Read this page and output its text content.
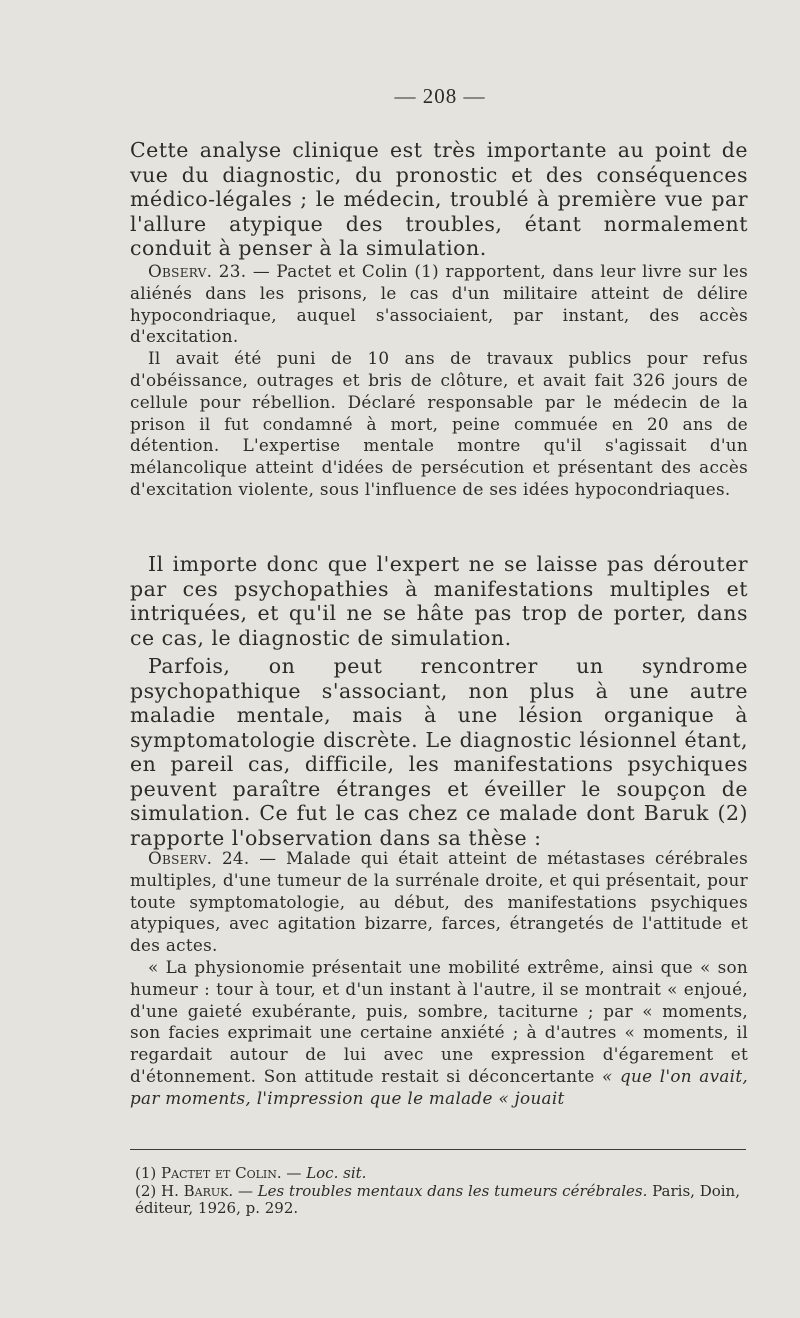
— 208 —

Cette analyse clinique est très importante au point de vue du diagnostic, du pronostic et des conséquences médico-légales ; le médecin, troublé à première vue par l'allure atypique des troubles, étant normalement conduit à penser à la simulation.

Observ. 23. — Pactet et Colin (1) rapportent, dans leur livre sur les aliénés dans les prisons, le cas d'un militaire atteint de délire hypocondriaque, auquel s'associaient, par instant, des accès d'excitation.

Il avait été puni de 10 ans de travaux publics pour refus d'obéissance, outrages et bris de clôture, et avait fait 326 jours de cellule pour rébellion. Déclaré responsable par le médecin de la prison il fut condamné à mort, peine commuée en 20 ans de détention. L'expertise mentale montre qu'il s'agissait d'un mélancolique atteint d'idées de persécution et présentant des accès d'excitation violente, sous l'influence de ses idées hypocondriaques.

Il importe donc que l'expert ne se laisse pas dérouter par ces psychopathies à manifestations multiples et intriquées, et qu'il ne se hâte pas trop de porter, dans ce cas, le diagnostic de simulation.

Parfois, on peut rencontrer un syndrome psychopathique s'associant, non plus à une autre maladie mentale, mais à une lésion organique à symptomatologie discrète. Le diagnostic lésionnel étant, en pareil cas, difficile, les manifestations psychiques peuvent paraître étranges et éveiller le soupçon de simulation. Ce fut le cas chez ce malade dont Baruk (2) rapporte l'observation dans sa thèse :

Observ. 24. — Malade qui était atteint de métastases cérébrales multiples, d'une tumeur de la surrénale droite, et qui présentait, pour toute symptomatologie, au début, des manifestations psychiques atypiques, avec agitation bizarre, farces, étrangetés de l'attitude et des actes.

« La physionomie présentait une mobilité extrême, ainsi que « son humeur : tour à tour, et d'un instant à l'autre, il se montrait « enjoué, d'une gaieté exubérante, puis, sombre, taciturne ; par « moments, son facies exprimait une certaine anxiété ; à d'autres « moments, il regardait autour de lui avec une expression d'égarement et d'étonnement. Son attitude restait si déconcertante « que l'on avait, par moments, l'impression que le malade « jouait

(1) Pactet et Colin. — Loc. sit.

(2) H. Baruk. — Les troubles mentaux dans les tumeurs cérébrales. Paris, Doin, éditeur, 1926, p. 292.
